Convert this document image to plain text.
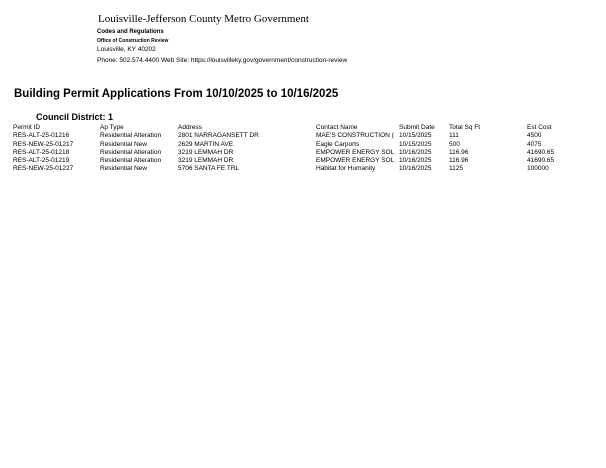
Louisville-Jefferson County Metro Government
Codes and Regulations
Office of Construction Review
Louisville, KY 40202
Phone: 502.574.4400 Web Site: https://louisvilleky.gov/government/construction-review
Building Permit Applications From 10/10/2025 to 10/16/2025
Council District: 1
Permit ID	Ap Type	Address	Contact Name	Submit Date	Total Sq Ft	Est Cost
RES-ALT-25-01216	Residential Alteration	2801 NARRAGANSETT DR	MAE'S CONSTRUCTION (	10/15/2025	111	4500
RES-NEW-25-01217	Residential New	2629 MARTIN AVE	Eagle Carports	10/15/2025	500	4075
RES-ALT-25-01218	Residential Alteration	3219 LEMMAH DR	EMPOWER ENERGY SOL	10/16/2025	116.96	41690.65
RES-ALT-25-01219	Residential Alteration	3219 LEMMAH DR	EMPOWER ENERGY SOL	10/16/2025	116.96	41690.65
RES-NEW-25-01227	Residential New	5706 SANTA FE TRL	Habitat for Humanity	10/16/2025	1125	100000
